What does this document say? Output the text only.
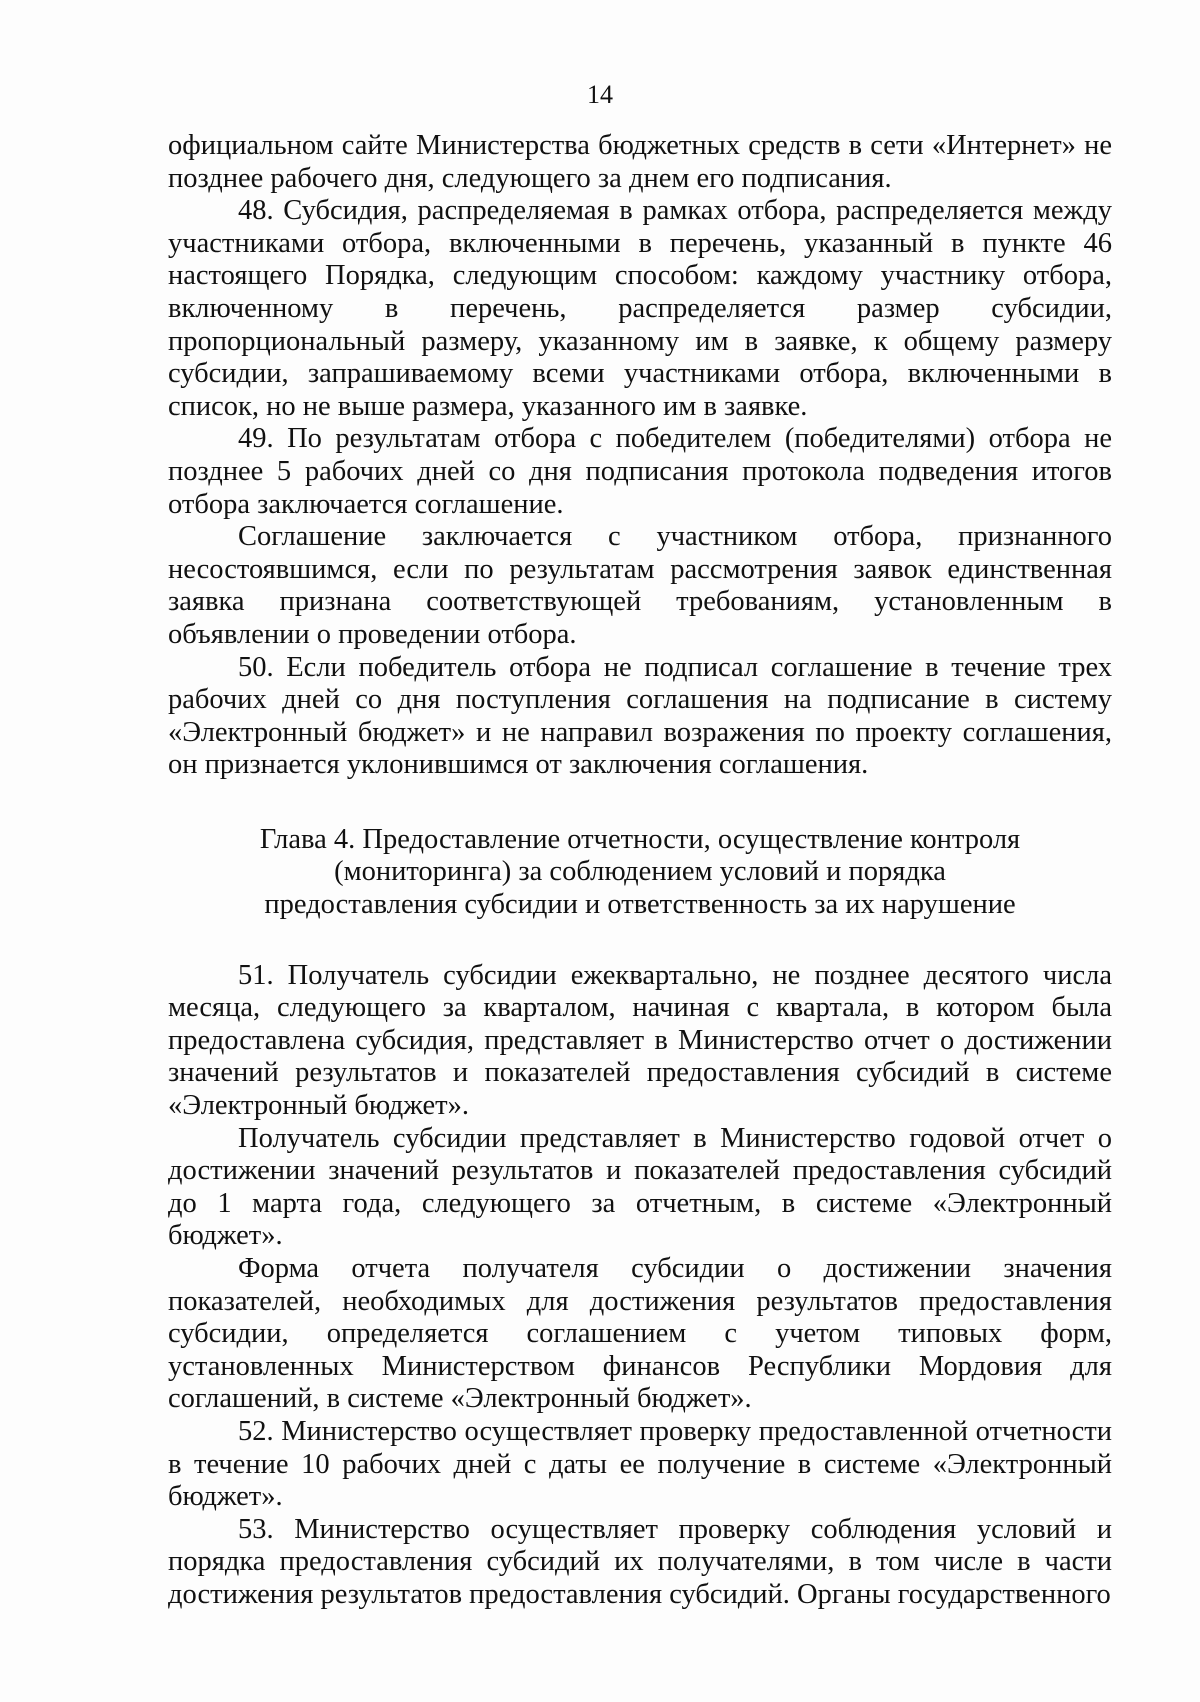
14

официальном сайте Министерства бюджетных средств в сети «Интернет» не позднее рабочего дня, следующего за днем его подписания.

48. Субсидия, распределяемая в рамках отбора, распределяется между участниками отбора, включенными в перечень, указанный в пункте 46 настоящего Порядка, следующим способом: каждому участнику отбора, включенному в перечень, распределяется размер субсидии, пропорциональный размеру, указанному им в заявке, к общему размеру субсидии, запрашиваемому всеми участниками отбора, включенными в список, но не выше размера, указанного им в заявке.

49. По результатам отбора с победителем (победителями) отбора не позднее 5 рабочих дней со дня подписания протокола подведения итогов отбора заключается соглашение.

Соглашение заключается с участником отбора, признанного несостоявшимся, если по результатам рассмотрения заявок единственная заявка признана соответствующей требованиям, установленным в объявлении о проведении отбора.

50. Если победитель отбора не подписал соглашение в течение трех рабочих дней со дня поступления соглашения на подписание в систему «Электронный бюджет» и не направил возражения по проекту соглашения, он признается уклонившимся от заключения соглашения.

Глава 4. Предоставление отчетности, осуществление контроля
(мониторинга) за соблюдением условий и порядка
предоставления субсидии и ответственность за их нарушение

51. Получатель субсидии ежеквартально, не позднее десятого числа месяца, следующего за кварталом, начиная с квартала, в котором была предоставлена субсидия, представляет в Министерство отчет о достижении значений результатов и показателей предоставления субсидий в системе «Электронный бюджет».

Получатель субсидии представляет в Министерство годовой отчет о достижении значений результатов и показателей предоставления субсидий до 1 марта года, следующего за отчетным, в системе «Электронный бюджет».

Форма отчета получателя субсидии о достижении значения показателей, необходимых для достижения результатов предоставления субсидии, определяется соглашением с учетом типовых форм, установленных Министерством финансов Республики Мордовия для соглашений, в системе «Электронный бюджет».

52. Министерство осуществляет проверку предоставленной отчетности в течение 10 рабочих дней с даты ее получение в системе «Электронный бюджет».

53. Министерство осуществляет проверку соблюдения условий и порядка предоставления субсидий их получателями, в том числе в части достижения результатов предоставления субсидий. Органы государственного
